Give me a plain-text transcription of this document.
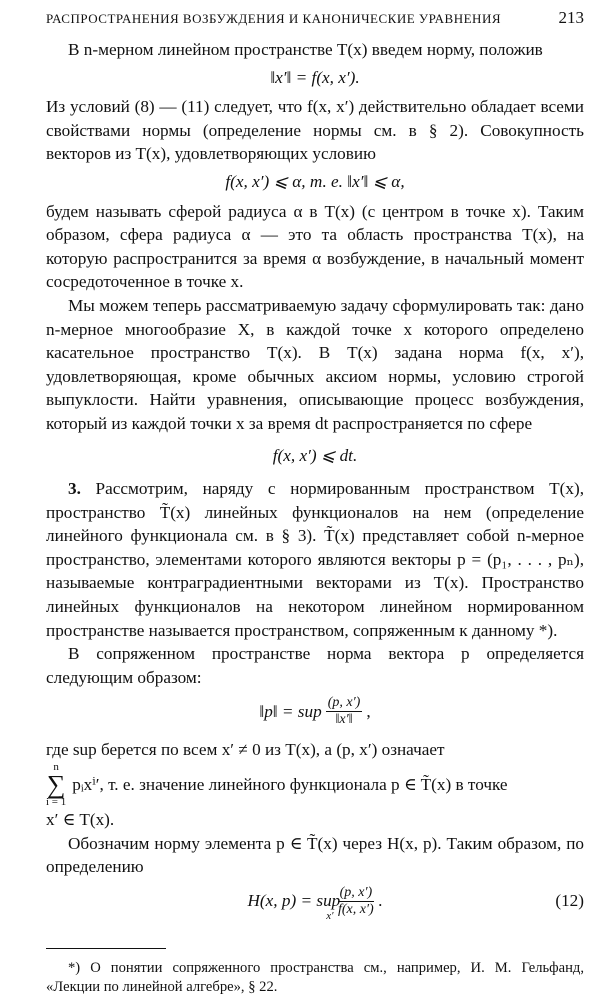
РАСПРОСТРАНЕНИЯ ВОЗБУЖДЕНИЯ И КАНОНИЧЕСКИЕ УРАВНЕНИЯ	213

В n-мерном линейном пространстве T(x) введем норму, положив

‖x′‖ = f(x, x′).

Из условий (8) — (11) следует, что f(x, x′) действительно обладает всеми свойствами нормы (определение нормы см. в § 2). Совокупность векторов из T(x), удовлетворяющих условию

f(x, x′) ⩽ α, т. е. ‖x′‖ ⩽ α,

будем называть сферой радиуса α в T(x) (с центром в точке x). Таким образом, сфера радиуса α — это та область пространства T(x), на которую распространится за время α возбуждение, в начальный момент сосредоточенное в точке x.

Мы можем теперь рассматриваемую задачу сформулировать так: дано n-мерное многообразие X, в каждой точке x которого определено касательное пространство T(x). В T(x) задана норма f(x, x′), удовлетворяющая, кроме обычных аксиом нормы, условию строгой выпуклости. Найти уравнения, описывающие процесс возбуждения, который из каждой точки x за время dt распространяется по сфере

f(x, x′) ⩽ dt.

3. Рассмотрим, наряду с нормированным пространством T(x), пространство T̃(x) линейных функционалов на нем (определение линейного функционала см. в § 3). T̃(x) представляет собой n-мерное пространство, элементами которого являются векторы p = (p₁, . . . , pₙ), называемые контраградиентными векторами из T(x). Пространство линейных функционалов на некотором линейном нормированном пространстве называется пространством, сопряженным к данному *).

В сопряженном пространстве норма вектора p определяется следующим образом:

‖p‖ = sup $\frac{(p, x')}{‖x'‖}$ ,

где sup берется по всем x′ ≠ 0 из T(x), а (p, x′) означает

n
∑
i = 1
pᵢxⁱ′, т. е. значение линейного функционала p ∈ T̃(x) в точке

x′ ∈ T(x).

Обозначим норму элемента p ∈ T̃(x) через H(x, p). Таким образом, по определению

H(x, p) = sup
$x' \frac{(p, x')}{f(x, x')}$ .	(12)

*) О понятии сопряженного пространства см., например, И. М. Гельфанд, «Лекции по линейной алгебре», § 22.
